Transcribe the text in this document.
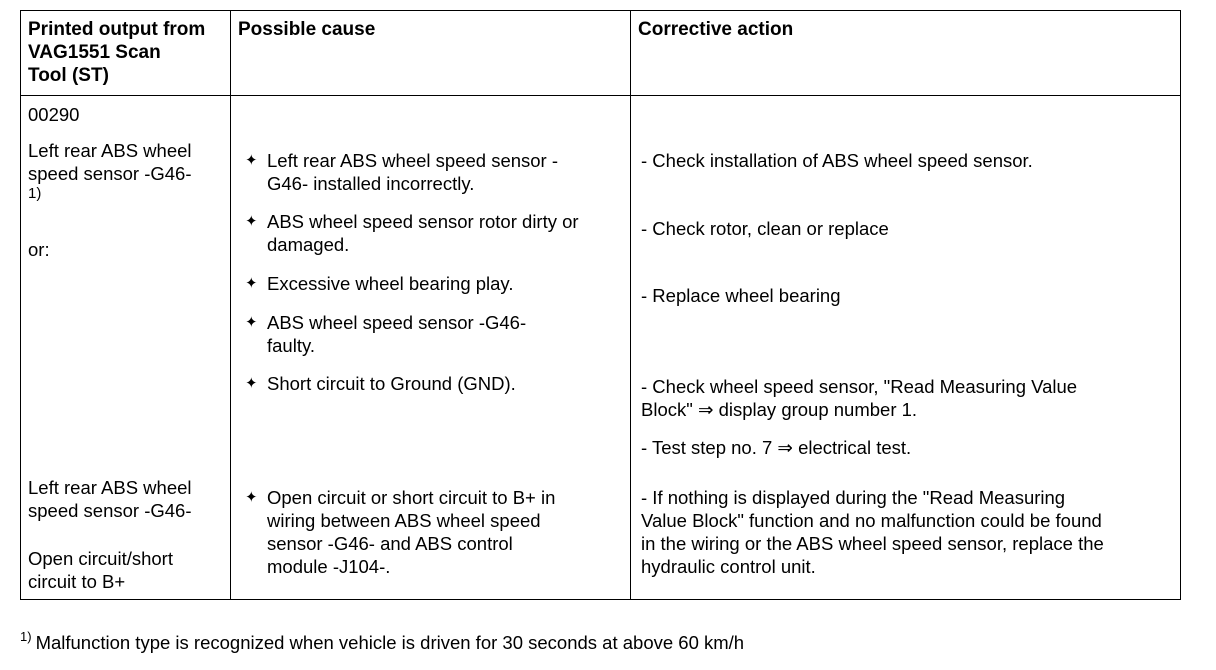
Printed output from
VAG1551 Scan
Tool (ST)
Possible cause	Corrective action
00290
Left rear ABS wheel
speed sensor -G46-
1)
or:
Left rear ABS wheel
speed sensor -G46-
Open circuit/short
circuit to B+
✦ Left rear ABS wheel speed sensor -
G46- installed incorrectly.
✦ ABS wheel speed sensor rotor dirty or
damaged.
✦ Excessive wheel bearing play.
✦ ABS wheel speed sensor -G46-
faulty.
✦ Short circuit to Ground (GND).
✦ Open circuit or short circuit to B+ in
wiring between ABS wheel speed
sensor -G46- and ABS control
module -J104-.
- Check installation of ABS wheel speed sensor.
- Check rotor, clean or replace
- Replace wheel bearing
- Check wheel speed sensor, "Read Measuring Value
Block" ⇒ display group number 1.
- Test step no. 7 ⇒ electrical test.
- If nothing is displayed during the "Read Measuring
Value Block" function and no malfunction could be found
in the wiring or the ABS wheel speed sensor, replace the
hydraulic control unit.
$^{1)}$ Malfunction type is recognized when vehicle is driven for 30 seconds at above 60 km/h
